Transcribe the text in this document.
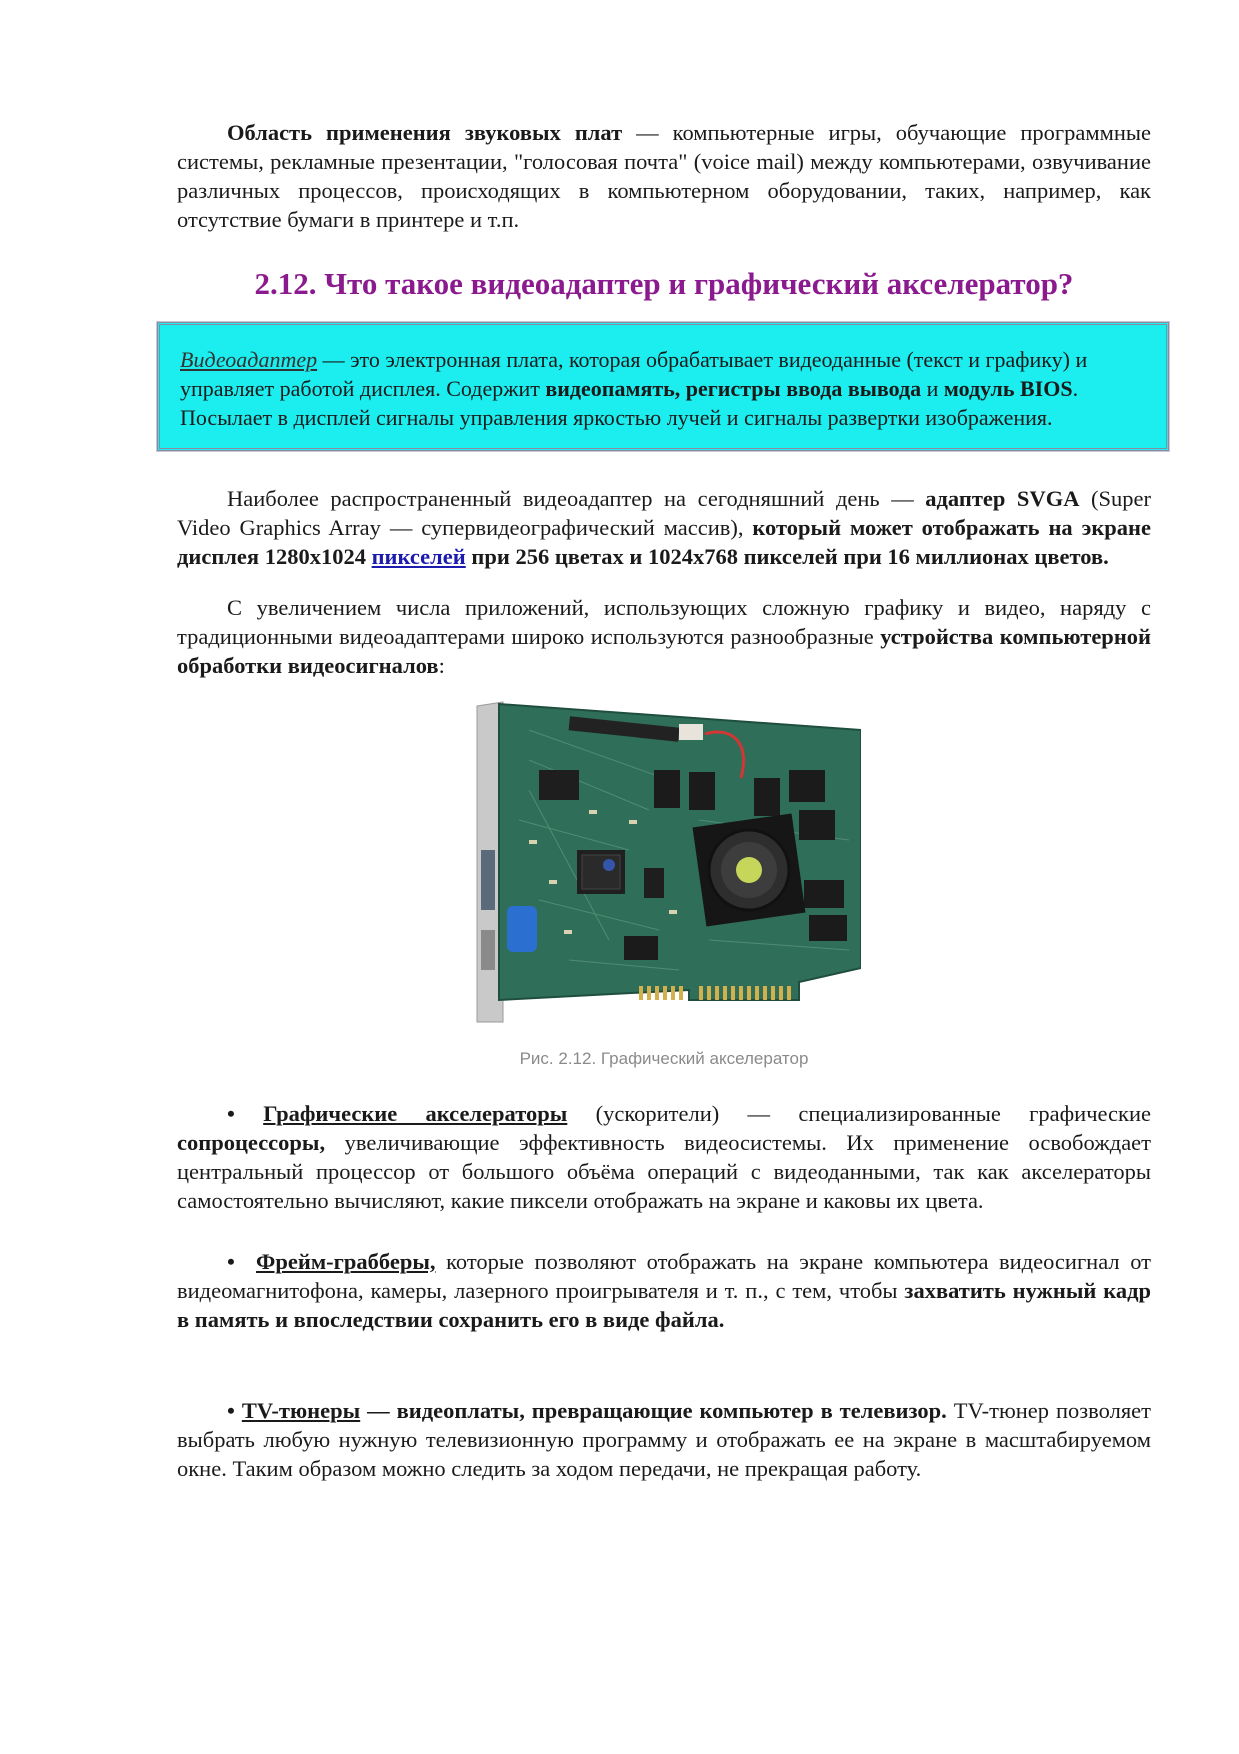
Область применения звуковых плат — компьютерные игры, обучающие программные системы, рекламные презентации, "голосовая почта" (voice mail) между компьютерами, озвучивание различных процессов, происходящих в компьютерном оборудовании, таких, например, как отсутствие бумаги в принтере и т.п.

2.12. Что такое видеоадаптер и графический акселератор?

Видеоадаптер — это электронная плата, которая обрабатывает видеоданные (текст и графику) и управляет работой дисплея. Содержит видеопамять, регистры ввода вывода и модуль BIOS. Посылает в дисплей сигналы управления яркостью лучей и сигналы развертки изображения.

Наиболее распространенный видеоадаптер на сегодняшний день — адаптер SVGA (Super Video Graphics Array — супервидеографический массив), который может отображать на экране дисплея 1280х1024 пикселей при 256 цветах и 1024х768 пикселей при 16 миллионах цветов.

С увеличением числа приложений, использующих сложную графику и видео, наряду с традиционными видеоадаптерами широко используются разнообразные устройства компьютерной обработки видеосигналов:

Рис. 2.12. Графический акселератор

• Графические акселераторы (ускорители) — специализированные графические сопроцессоры, увеличивающие эффективность видеосистемы. Их применение освобождает центральный процессор от большого объёма операций с видеоданными, так как акселераторы самостоятельно вычисляют, какие пиксели отображать на экране и каковы их цвета.

• Фрейм-грабберы, которые позволяют отображать на экране компьютера видеосигнал от видеомагнитофона, камеры, лазерного проигрывателя и т. п., с тем, чтобы захватить нужный кадр в память и впоследствии сохранить его в виде файла.

• TV-тюнеры — видеоплаты, превращающие компьютер в телевизор. TV-тюнер позволяет выбрать любую нужную телевизионную программу и отображать ее на экране в масштабируемом окне. Таким образом можно следить за ходом передачи, не прекращая работу.
